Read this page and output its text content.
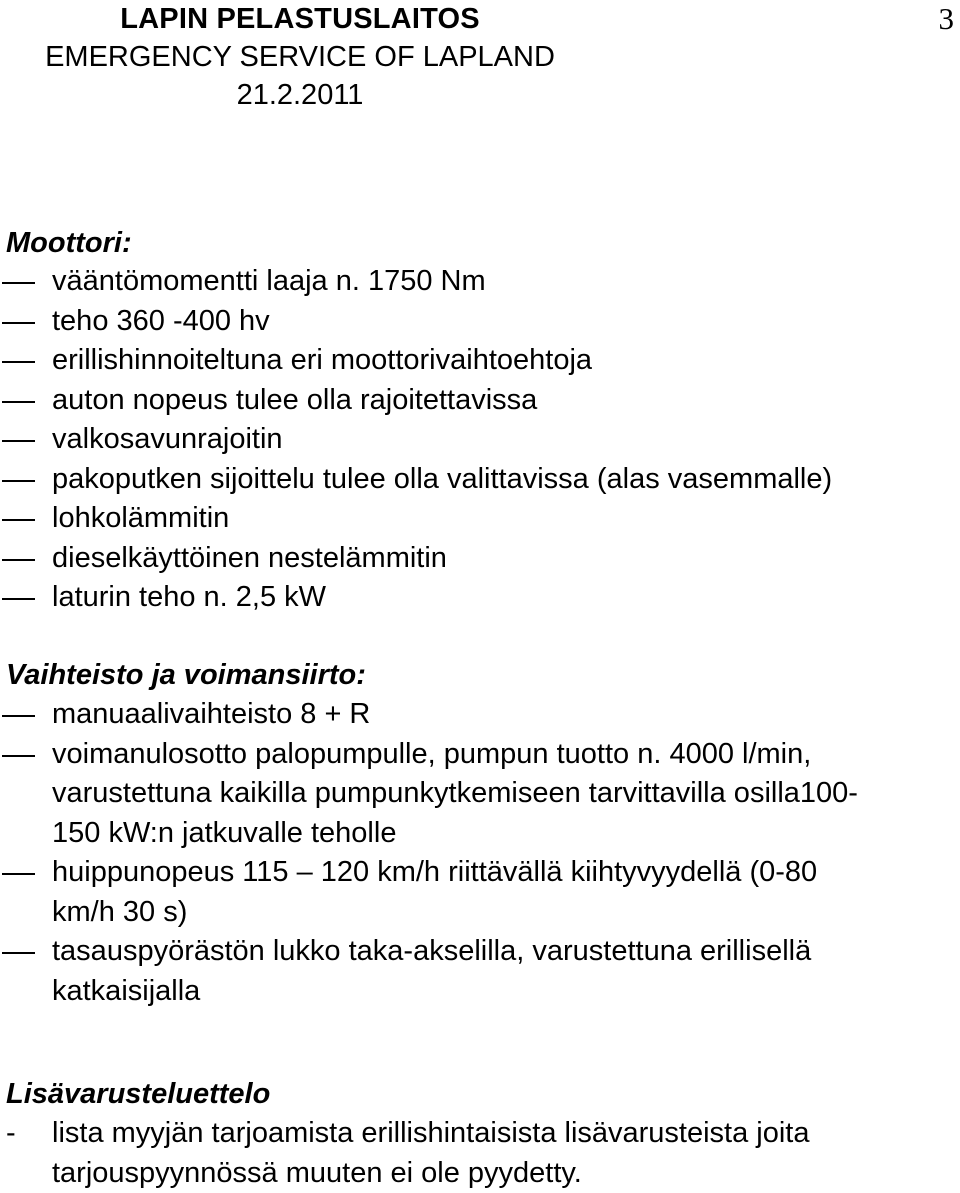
LAPIN PELASTUSLAITOS
EMERGENCY SERVICE OF LAPLAND
21.2.2011
3
Moottori:
vääntömomentti laaja n. 1750 Nm
teho 360 -400 hv
erillishinnoiteltuna eri moottorivaihtoehtoja
auton nopeus tulee olla rajoitettavissa
valkosavunrajoitin
pakoputken sijoittelu tulee olla valittavissa (alas vasemmalle)
lohkolämmitin
dieselkäyttöinen nestelämmitin
laturin teho n. 2,5 kW
Vaihteisto ja voimansiirto:
manuaalivaihteisto 8 + R
voimanulosotto palopumpulle, pumpun tuotto n. 4000 l/min,
varustettuna kaikilla pumpunkytkemiseen tarvittavilla osilla100-
150 kW:n jatkuvalle teholle
huippunopeus 115 – 120 km/h riittävällä kiihtyvyydellä (0-80
km/h 30 s)
tasauspyörästön lukko taka-akselilla, varustettuna erillisellä
katkaisijalla
Lisävarusteluettelo
-	lista myyjän tarjoamista erillishintaisista lisävarusteista joita
tarjouspyynnössä muuten ei ole pyydetty.
